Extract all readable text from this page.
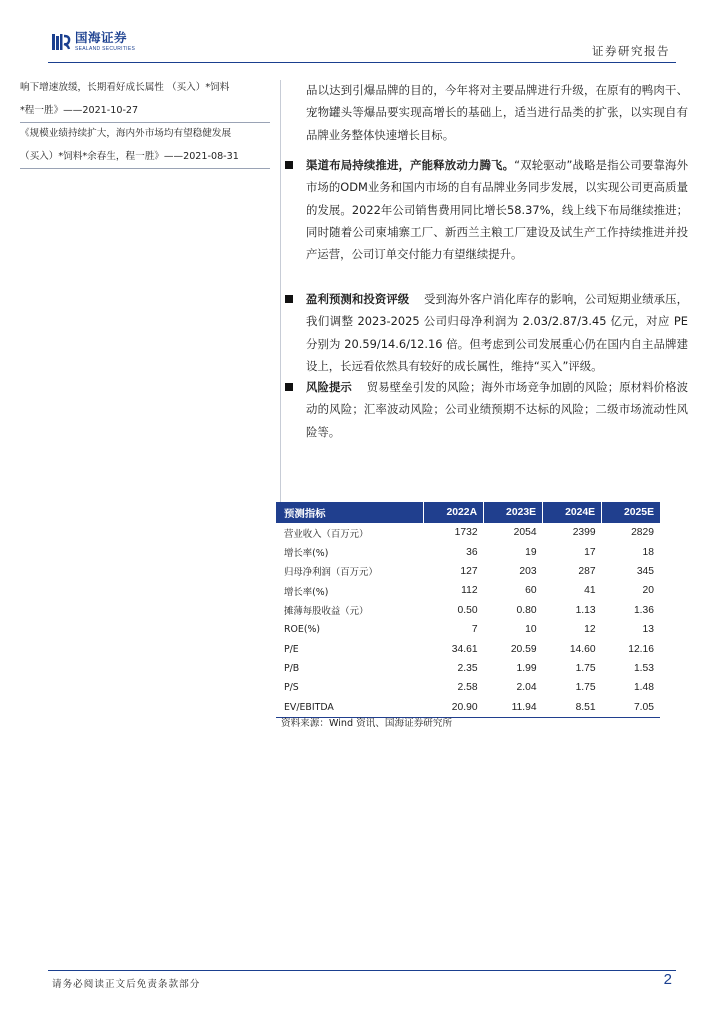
国海证券
SEALAND SECURITIES	证券研究报告
响下增速放缓，长期看好成长属性 （买入）*饲料
*程一胜》——2021-10-27
《规模业绩持续扩大，海内外市场均有望稳健发展
（买入）*饲料*余春生，程一胜》——2021-08-31
品以达到引爆品牌的目的，今年将对主要品牌进行升级，在原有的鸭肉干、宠物罐头等爆品要实现高增长的基础上，适当进行品类的扩张，以实现自有品牌业务整体快速增长目标。
渠道布局持续推进，产能释放动力腾飞。“双轮驱动”战略是指公司要靠海外市场的ODM业务和国内市场的自有品牌业务同步发展，以实现公司更高质量的发展。2022年公司销售费用同比增长58.37%，线上线下布局继续推进；同时随着公司柬埔寨工厂、新西兰主粮工厂建设及试生产工作持续推进并投产运营，公司订单交付能力有望继续提升。
盈利预测和投资评级 受到海外客户消化库存的影响，公司短期业绩承压，我们调整 2023-2025 公司归母净利润为 2.03/2.87/3.45 亿元，对应 PE 分别为 20.59/14.6/12.16 倍。但考虑到公司发展重心仍在国内自主品牌建设上，长远看依然具有较好的成长属性，维持“买入”评级。
风险提示 贸易壁垒引发的风险；海外市场竞争加剧的风险；原材料价格波动的风险；汇率波动风险；公司业绩预期不达标的风险；二级市场流动性风险等。
预测指标	2022A	2023E	2024E	2025E
营业收入（百万元）	1732	2054	2399	2829
增长率(%)	36	19	17	18
归母净利润（百万元）	127	203	287	345
增长率(%)	112	60	41	20
摊薄每股收益（元）	0.50	0.80	1.13	1.36
ROE(%)	7	10	12	13
P/E	34.61	20.59	14.60	12.16
P/B	2.35	1.99	1.75	1.53
P/S	2.58	2.04	1.75	1.48
EV/EBITDA	20.90	11.94	8.51	7.05
资料来源：Wind 资讯、国海证券研究所
请务必阅读正文后免责条款部分	2
